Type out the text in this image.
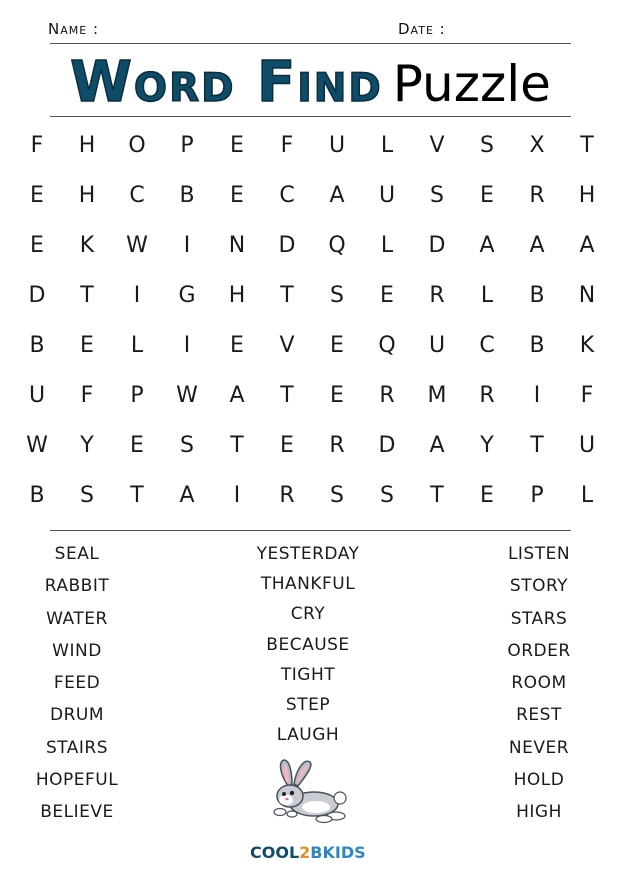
Name :	Date :
Word Find Puzzle
F	H	O	P	E	F	U	L	V	S	X	T
E	H	C	B	E	C	A	U	S	E	R	H
E	K	W	I	N	D	Q	L	D	A	A	A
D	T	I	G	H	T	S	E	R	L	B	N
B	E	L	I	E	V	E	Q	U	C	B	K
U	F	P	W	A	T	E	R	M	R	I	F
W	Y	E	S	T	E	R	D	A	Y	T	U
B	S	T	A	I	R	S	S	T	E	P	L
SEAL
RABBIT
WATER
WIND
FEED
DRUM
STAIRS
HOPEFUL
BELIEVE
YESTERDAY
THANKFUL
CRY
BECAUSE
TIGHT
STEP
LAUGH
LISTEN
STORY
STARS
ORDER
ROOM
REST
NEVER
HOLD
HIGH
COOL2BKIDS
